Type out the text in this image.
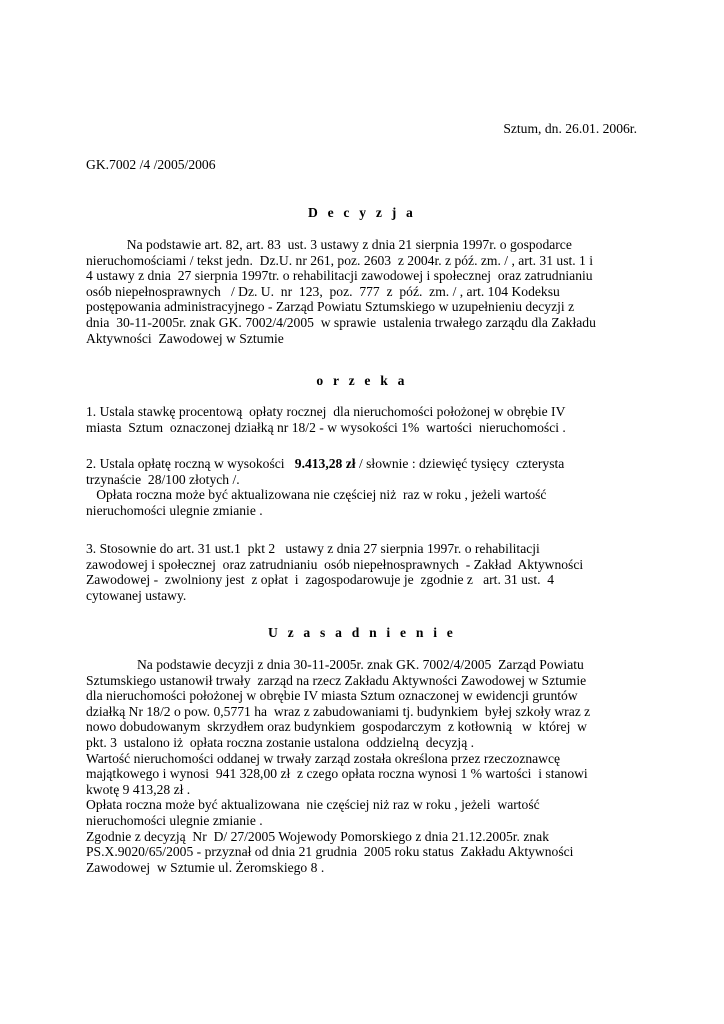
Sztum, dn. 26.01. 2006r.
GK.7002 /4 /2005/2006
D e c y z j a
Na podstawie art. 82, art. 83  ust. 3 ustawy z dnia 21 sierpnia 1997r. o gospodarce
nieruchomościami / tekst jedn.  Dz.U. nr 261, poz. 2603  z 2004r. z póź. zm. / , art. 31 ust. 1 i
4 ustawy z dnia  27 sierpnia 1997tr. o rehabilitacji zawodowej i społecznej  oraz zatrudnianiu
osób niepełnosprawnych   / Dz. U.  nr  123,  poz.  777  z  póź.  zm. / , art. 104 Kodeksu
postępowania administracyjnego - Zarząd Powiatu Sztumskiego w uzupełnieniu decyzji z
dnia  30-11-2005r. znak GK. 7002/4/2005  w sprawie  ustalenia trwałego zarządu dla Zakładu
Aktywności  Zawodowej w Sztumie
o r z e k a
1. Ustala stawkę procentową  opłaty rocznej  dla nieruchomości położonej w obrębie IV
miasta  Sztum  oznaczonej działką nr 18/2 - w wysokości 1%  wartości  nieruchomości .
2. Ustala opłatę roczną w wysokości   9.413,28 zł / słownie : dziewięć tysięcy  czterysta
trzynaście  28/100 złotych /.
Opłata roczna może być aktualizowana nie częściej niż  raz w roku , jeżeli wartość
nieruchomości ulegnie zmianie .
3. Stosownie do art. 31 ust.1  pkt 2   ustawy z dnia 27 sierpnia 1997r. o rehabilitacji
zawodowej i społecznej  oraz zatrudnianiu  osób niepełnosprawnych  - Zakład  Aktywności
Zawodowej -  zwolniony jest  z opłat  i  zagospodarowuje je  zgodnie z   art. 31 ust.  4
cytowanej ustawy.
U z a s a d n i e n i e
Na podstawie decyzji z dnia 30-11-2005r. znak GK. 7002/4/2005  Zarząd Powiatu
Sztumskiego ustanowił trwały  zarząd na rzecz Zakładu Aktywności Zawodowej w Sztumie
dla nieruchomości położonej w obrębie IV miasta Sztum oznaczonej w ewidencji gruntów
działką Nr 18/2 o pow. 0,5771 ha  wraz z zabudowaniami tj. budynkiem  byłej szkoły wraz z
nowo dobudowanym  skrzydłem oraz budynkiem  gospodarczym  z kotłownią   w  której  w
pkt. 3  ustalono iż  opłata roczna zostanie ustalona  oddzielną  decyzją .
Wartość nieruchomości oddanej w trwały zarząd została określona przez rzeczoznawcę
majątkowego i wynosi  941 328,00 zł  z czego opłata roczna wynosi 1 % wartości  i stanowi
kwotę 9 413,28 zł .
Opłata roczna może być aktualizowana  nie częściej niż raz w roku , jeżeli  wartość
nieruchomości ulegnie zmianie .
Zgodnie z decyzją  Nr  D/ 27/2005 Wojewody Pomorskiego z dnia 21.12.2005r. znak
PS.X.9020/65/2005 - przyznał od dnia 21 grudnia  2005 roku status  Zakładu Aktywności
Zawodowej  w Sztumie ul. Żeromskiego 8 .
